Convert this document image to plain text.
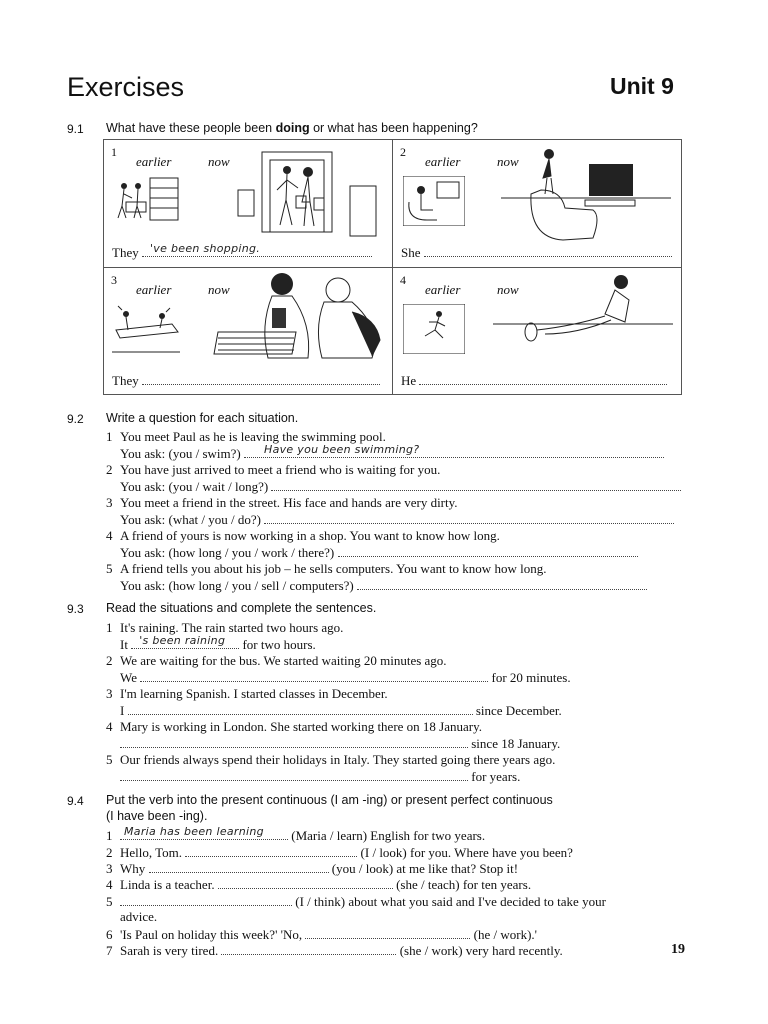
Exercises	Unit 9
9.1 What have these people been doing or what has been happening?
1
earlier	now
They 've been shopping.
2
earlier	now
She
3
earlier	now
They
4
earlier	now
He
9.2 Write a question for each situation.
1 You meet Paul as he is leaving the swimming pool.
You ask: (you / swim?) Have you been swimming?
2 You have just arrived to meet a friend who is waiting for you.
You ask: (you / wait / long?)
3 You meet a friend in the street. His face and hands are very dirty.
You ask: (what / you / do?)
4 A friend of yours is now working in a shop. You want to know how long.
You ask: (how long / you / work / there?)
5 A friend tells you about his job – he sells computers. You want to know how long.
You ask: (how long / you / sell / computers?)
9.3 Read the situations and complete the sentences.
1 It's raining. The rain started two hours ago.
It 's been raining for two hours.
2 We are waiting for the bus. We started waiting 20 minutes ago.
We	for 20 minutes.
3 I'm learning Spanish. I started classes in December.
I	since December.
4 Mary is working in London. She started working there on 18 January.
since 18 January.
5 Our friends always spend their holidays in Italy. They started going there years ago.
for years.
9.4 Put the verb into the present continuous (I am -ing) or present perfect continuous
(I have been -ing).
1 Maria has been learning (Maria / learn) English for two years.
2 Hello, Tom.	(I / look) for you. Where have you been?
3 Why	(you / look) at me like that? Stop it!
4 Linda is a teacher.	(she / teach) for ten years.
5	(I / think) about what you said and I've decided to take your
advice.
6 'Is Paul on holiday this week?' 'No,	(he / work).'
7 Sarah is very tired.	(she / work) very hard recently.	19
